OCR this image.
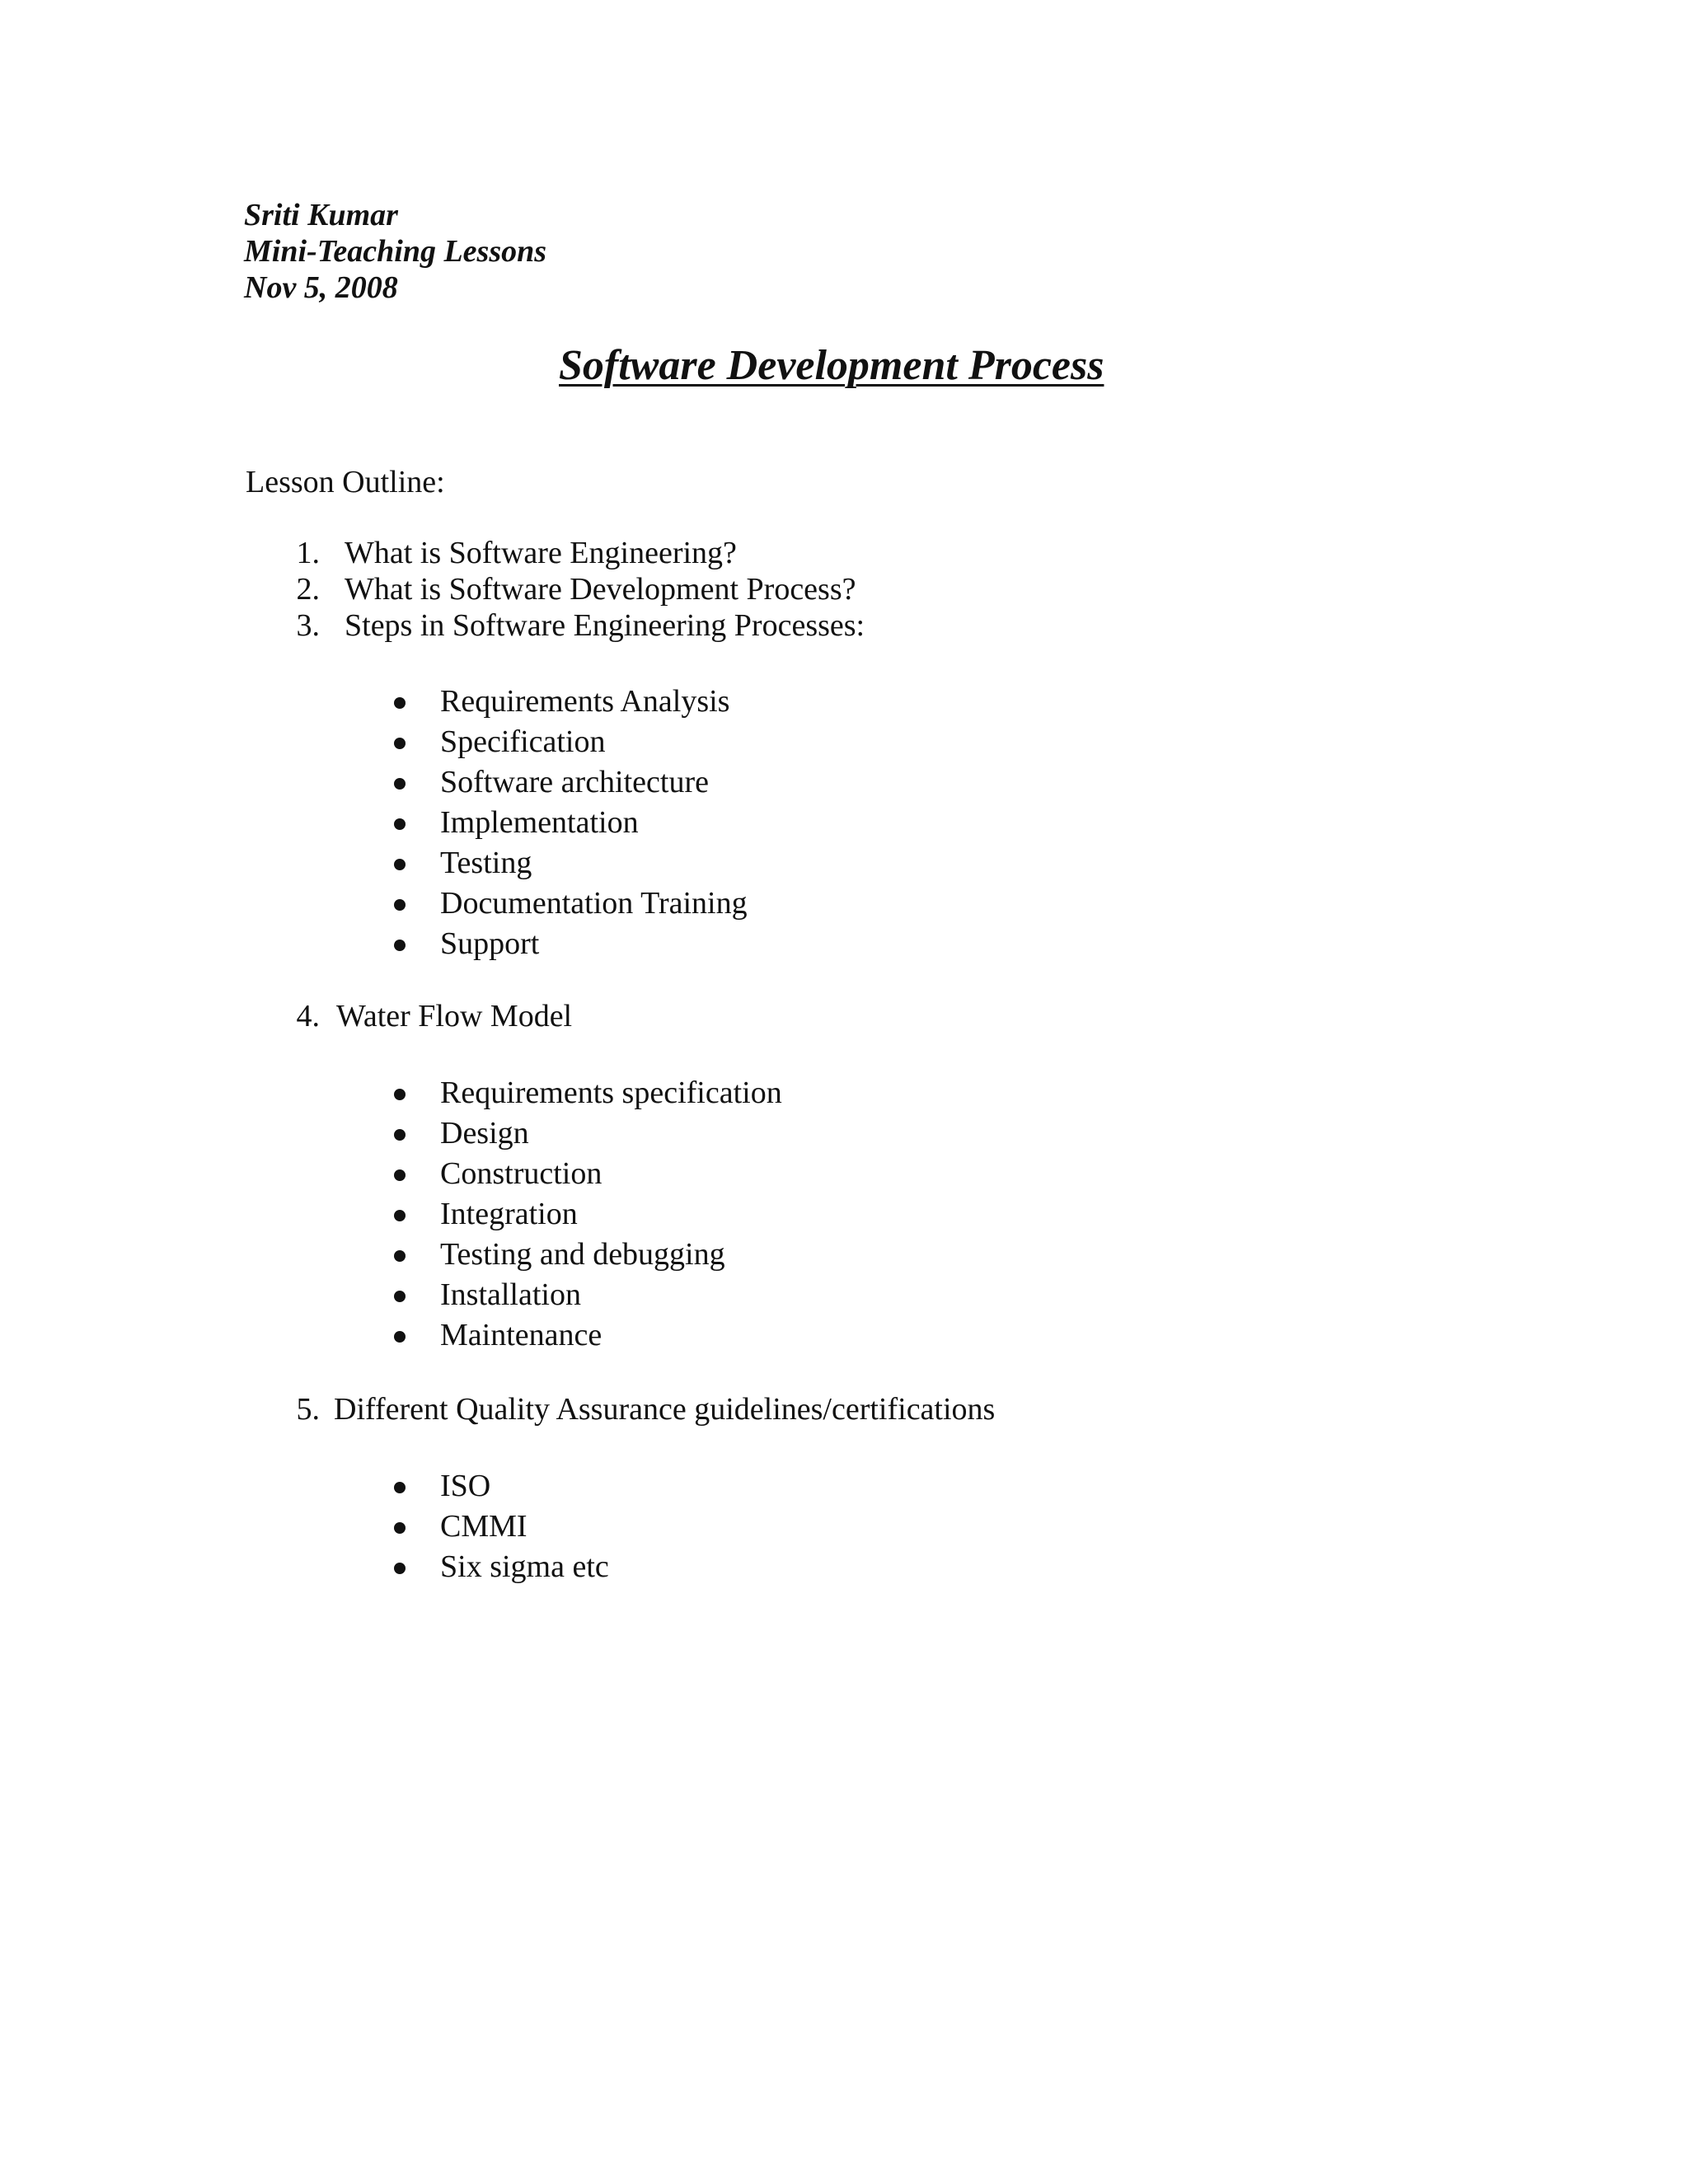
Sriti Kumar
Mini-Teaching Lessons
Nov 5, 2008
Software Development Process
Lesson Outline:
1. What is Software Engineering?
2. What is Software Development Process?
3. Steps in Software Engineering Processes:
Requirements Analysis
Specification
Software architecture
Implementation
Testing
Documentation Training
Support
4. Water Flow Model
Requirements specification
Design
Construction
Integration
Testing and debugging
Installation
Maintenance
5. Different Quality Assurance guidelines/certifications
ISO
CMMI
Six sigma etc
